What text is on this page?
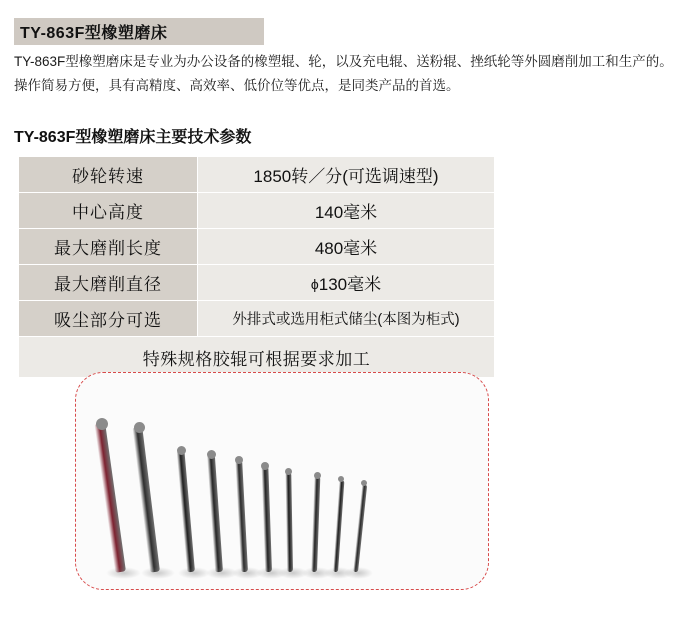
TY-863F型橡塑磨床

TY-863F型橡塑磨床是专业为办公设备的橡塑辊、轮，以及充电辊、送粉辊、挫纸轮等外圆磨削加工和生产的。

操作简易方便，具有高精度、高效率、低价位等优点，是同类产品的首选。

TY-863F型橡塑磨床主要技术参数
砂轮转速	1850转／分(可选调速型)
中心高度	140毫米
最大磨削长度	480毫米
最大磨削直径	ϕ130毫米
吸尘部分可选	外排式或选用柜式储尘(本图为柜式)
特殊规格胶辊可根据要求加工	
